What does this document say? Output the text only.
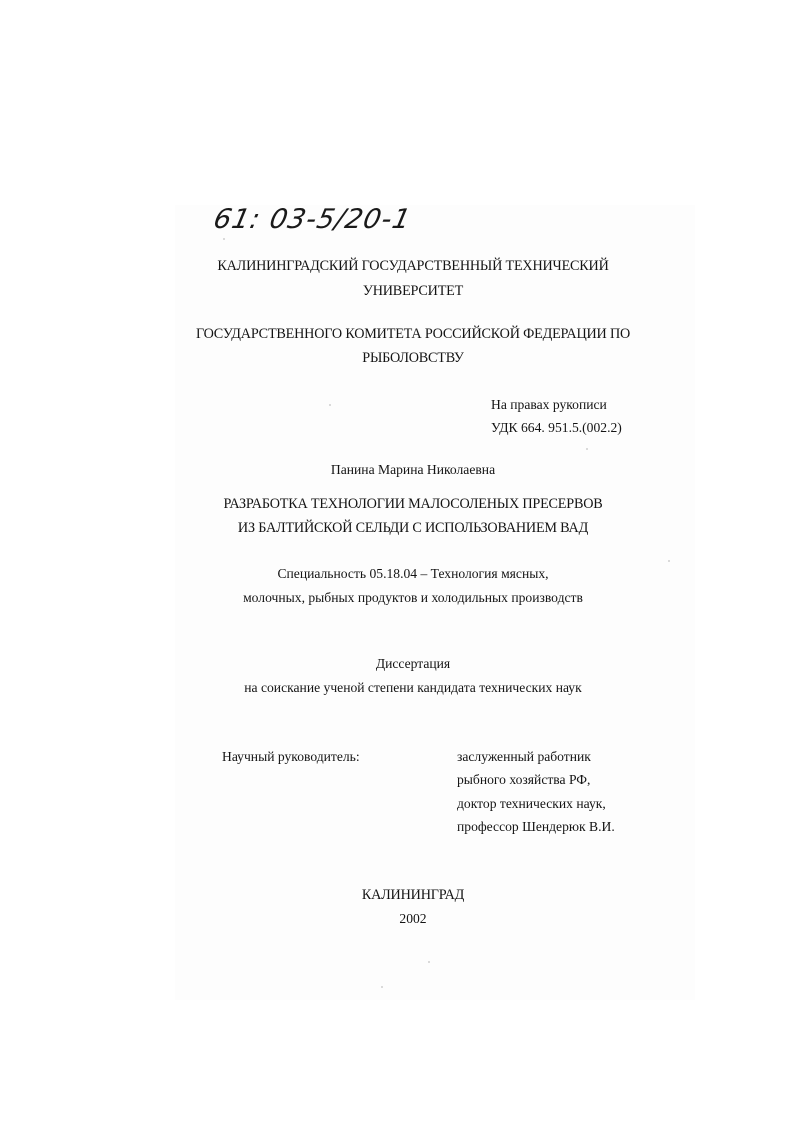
61: 03-5/20-1
КАЛИНИНГРАДСКИЙ ГОСУДАРСТВЕННЫЙ ТЕХНИЧЕСКИЙ
УНИВЕРСИТЕТ
ГОСУДАРСТВЕННОГО КОМИТЕТА РОССИЙСКОЙ ФЕДЕРАЦИИ ПО
РЫБОЛОВСТВУ
На правах рукописи
УДК 664. 951.5.(002.2)
Панина Марина Николаевна
РАЗРАБОТКА ТЕХНОЛОГИИ МАЛОСОЛЕНЫХ ПРЕСЕРВОВ
ИЗ БАЛТИЙСКОЙ СЕЛЬДИ С ИСПОЛЬЗОВАНИЕМ ВАД
Специальность 05.18.04 – Технология мясных,
молочных, рыбных продуктов и холодильных производств
Диссертация
на соискание ученой степени кандидата технических наук
Научный руководитель:	заслуженный работник
рыбного хозяйства РФ,
доктор технических наук,
профессор Шендерюк В.И.
КАЛИНИНГРАД
2002
